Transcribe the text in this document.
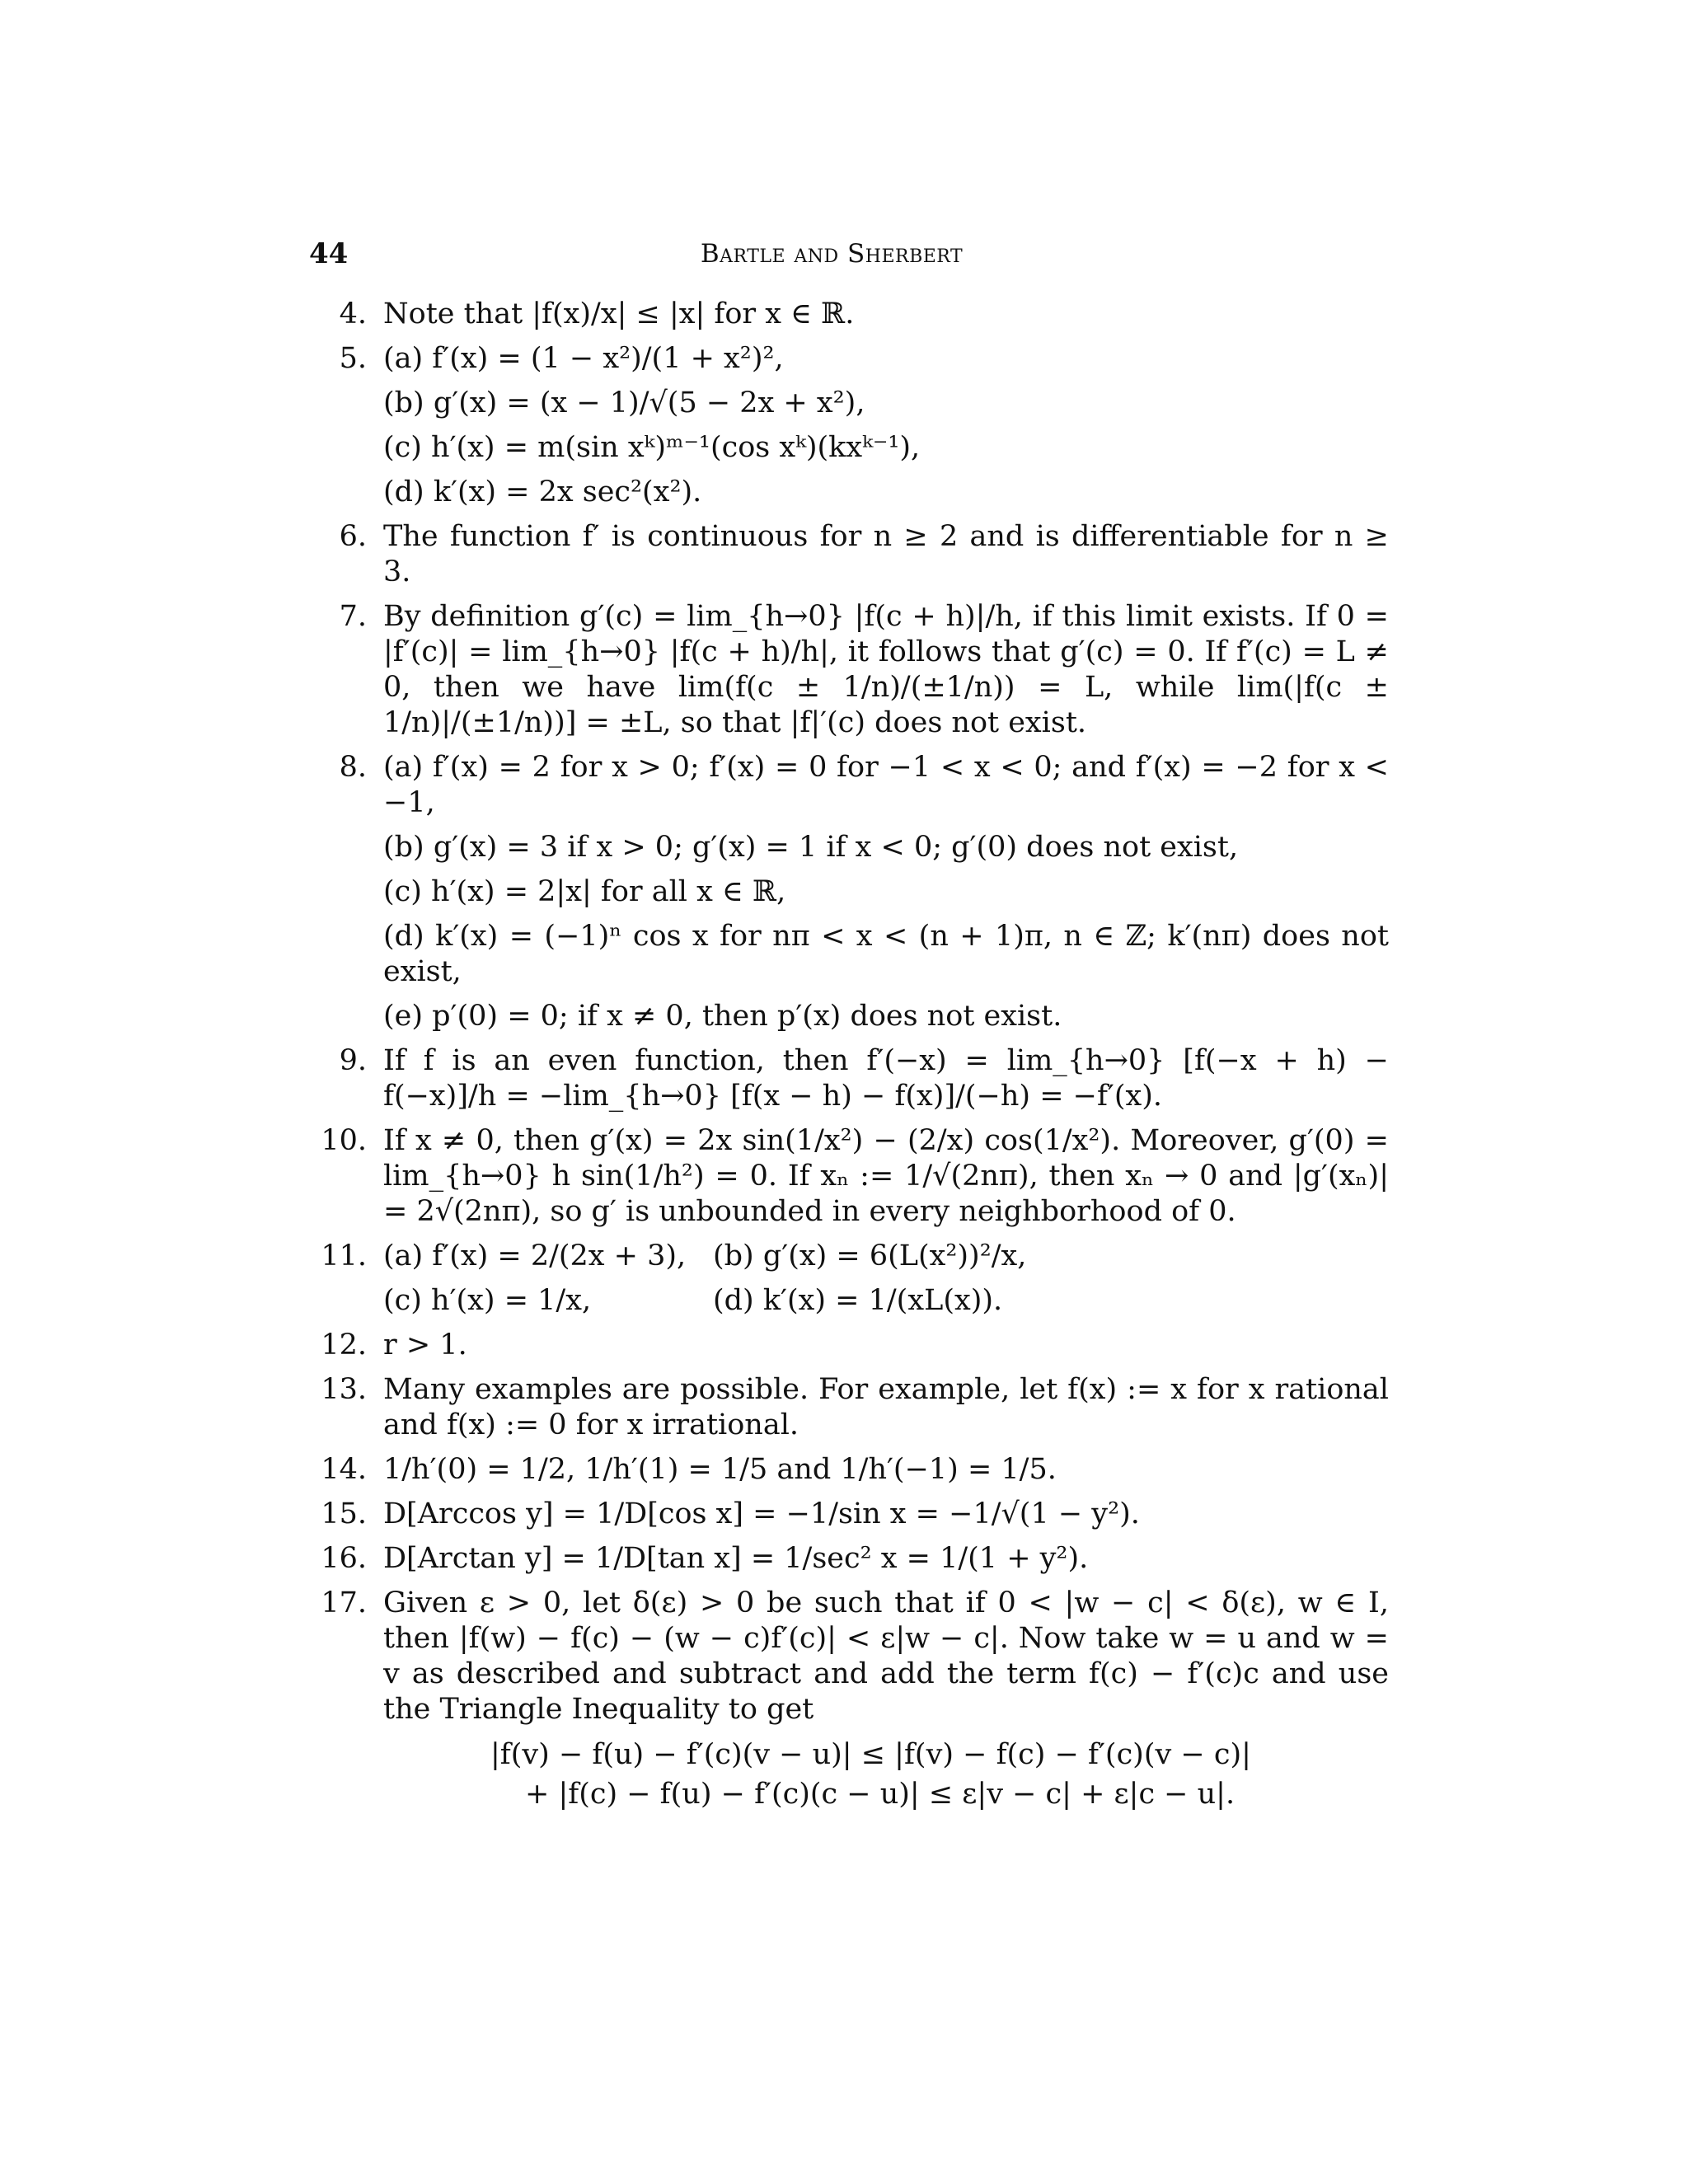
44	Bartle and Sherbert
4. Note that |f(x)/x| ≤ |x| for x ∈ ℝ.
5. (a) f′(x) = (1 − x²)/(1 + x²)²,
(b) g′(x) = (x − 1)/√(5 − 2x + x²),
(c) h′(x) = m(sin xᵏ)ᵐ⁻¹(cos xᵏ)(kxᵏ⁻¹),
(d) k′(x) = 2x sec²(x²).
6. The function f′ is continuous for n ≥ 2 and is differentiable for n ≥ 3.
7. By definition g′(c) = lim_{h→0} |f(c + h)|/h, if this limit exists. If 0 = |f′(c)| = lim_{h→0} |f(c + h)/h|, it follows that g′(c) = 0. If f′(c) = L ≠ 0, then we have lim(f(c ± 1/n)/(±1/n)) = L, while lim(|f(c ± 1/n)|/(±1/n))] = ±L, so that |f|′(c) does not exist.
8. (a) f′(x) = 2 for x > 0; f′(x) = 0 for −1 < x < 0; and f′(x) = −2 for x < −1,
(b) g′(x) = 3 if x > 0; g′(x) = 1 if x < 0; g′(0) does not exist,
(c) h′(x) = 2|x| for all x ∈ ℝ,
(d) k′(x) = (−1)ⁿ cos x for nπ < x < (n + 1)π, n ∈ ℤ; k′(nπ) does not exist,
(e) p′(0) = 0; if x ≠ 0, then p′(x) does not exist.
9. If f is an even function, then f′(−x) = lim_{h→0} [f(−x + h) − f(−x)]/h = −lim_{h→0} [f(x − h) − f(x)]/(−h) = −f′(x).
10. If x ≠ 0, then g′(x) = 2x sin(1/x²) − (2/x) cos(1/x²). Moreover, g′(0) = lim_{h→0} h sin(1/h²) = 0. If xₙ := 1/√(2nπ), then xₙ → 0 and |g′(xₙ)| = 2√(2nπ), so g′ is unbounded in every neighborhood of 0.
11. (a) f′(x) = 2/(2x + 3), (b) g′(x) = 6(L(x²))²/x,
(c) h′(x) = 1/x,	(d) k′(x) = 1/(xL(x)).
12. r > 1.
13. Many examples are possible. For example, let f(x) := x for x rational and f(x) := 0 for x irrational.
14. 1/h′(0) = 1/2, 1/h′(1) = 1/5 and 1/h′(−1) = 1/5.
15. D[Arccos y] = 1/D[cos x] = −1/sin x = −1/√(1 − y²).
16. D[Arctan y] = 1/D[tan x] = 1/sec² x = 1/(1 + y²).
17. Given ε > 0, let δ(ε) > 0 be such that if 0 < |w − c| < δ(ε), w ∈ I, then |f(w) − f(c) − (w − c)f′(c)| < ε|w − c|. Now take w = u and w = v as described and subtract and add the term f(c) − f′(c)c and use the Triangle Inequality to get
|f(v) − f(u) − f′(c)(v − u)| ≤ |f(v) − f(c) − f′(c)(v − c)|
+ |f(c) − f(u) − f′(c)(c − u)| ≤ ε|v − c| + ε|c − u|.
